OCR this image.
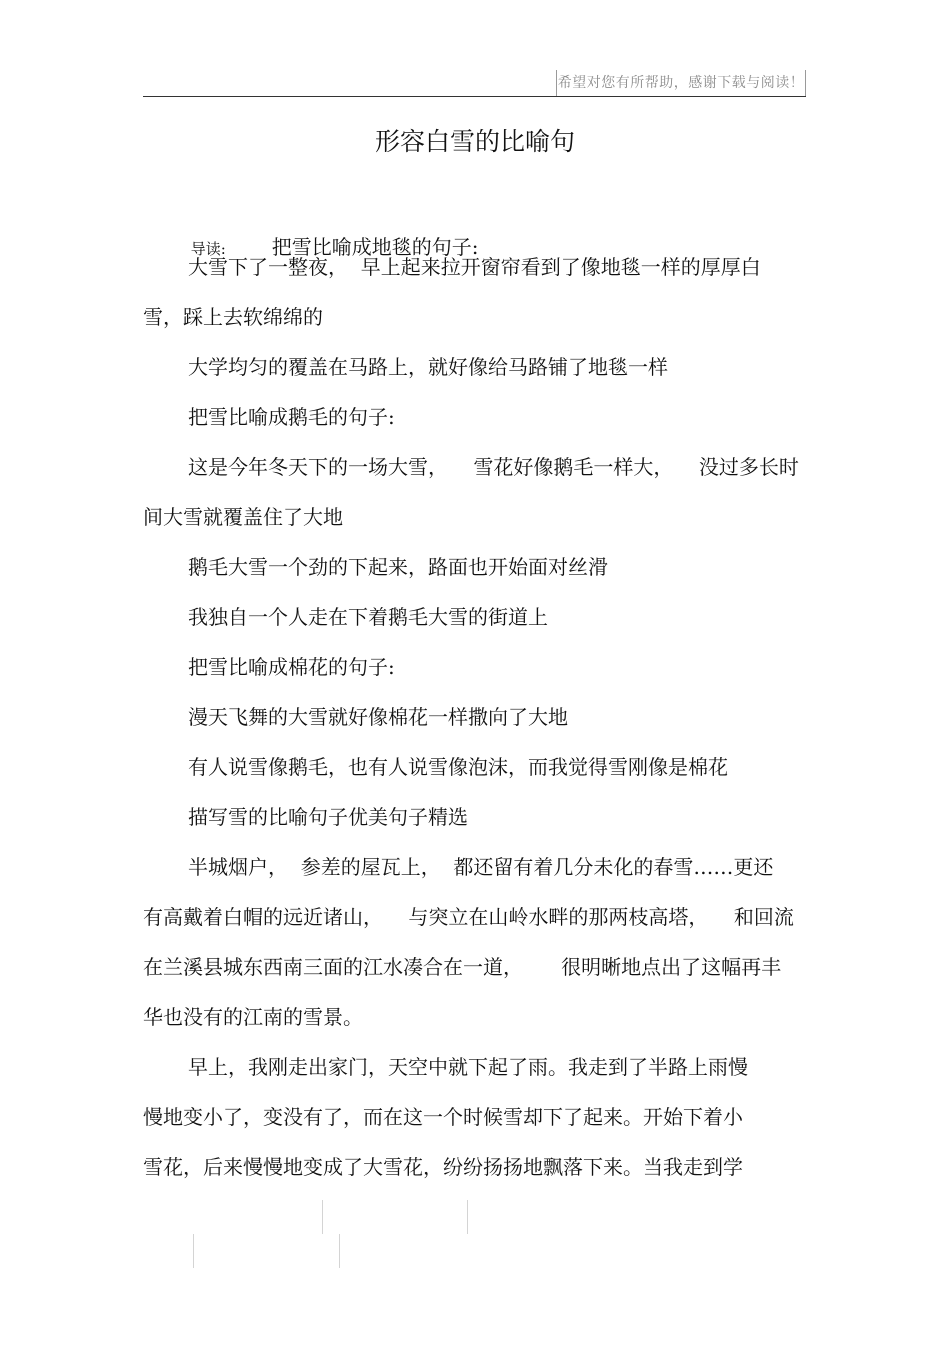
希望对您有所帮助，感谢下载与阅读！
形容白雪的比喻句

导读: 把雪比喻成地毯的句子:

大雪下了一整夜，  早上起来拉开窗帘看到了像地毯一样的厚厚白
雪，踩上去软绵绵的
大学均匀的覆盖在马路上，就好像给马路铺了地毯一样
把雪比喻成鹅毛的句子:
这是今年冬天下的一场大雪，    雪花好像鹅毛一样大，    没过多长时
间大雪就覆盖住了大地
鹅毛大雪一个劲的下起来，路面也开始面对丝滑
我独自一个人走在下着鹅毛大雪的街道上
把雪比喻成棉花的句子:
漫天飞舞的大雪就好像棉花一样撒向了大地
有人说雪像鹅毛，也有人说雪像泡沫，而我觉得雪刚像是棉花
描写雪的比喻句子优美句子精选
半城烟户，  参差的屋瓦上，  都还留有着几分未化的春雪……更还
有高戴着白帽的远近诸山，    与突立在山岭水畔的那两枝高塔，    和回流
在兰溪县城东西南三面的江水凑合在一道，      很明晰地点出了这幅再丰
华也没有的江南的雪景。
早上，我刚走出家门，天空中就下起了雨。我走到了半路上雨慢
慢地变小了，变没有了，而在这一个时候雪却下了起来。开始下着小
雪花，后来慢慢地变成了大雪花，纷纷扬扬地飘落下来。当我走到学
